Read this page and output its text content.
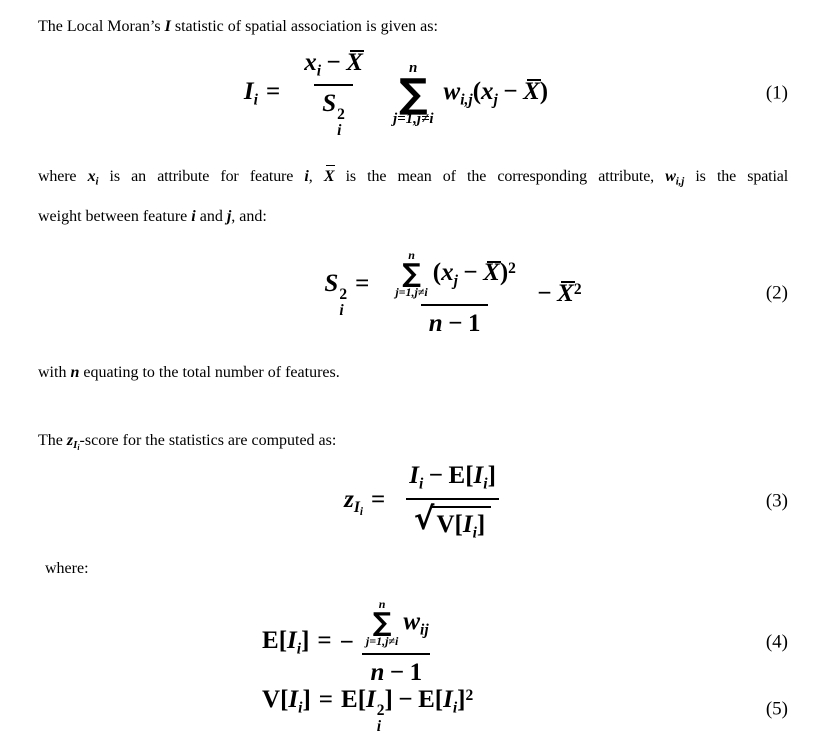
The Local Moran’s I statistic of spatial association is given as:
$I_i = x_i - X$
S 2
i	n
∑
j=1,j≠i
$w_{i,j}(x_j - X)$	(1)
where $x_i$ is an attribute for feature i, X is the mean of the corresponding attribute, $w_{i,j}$ is the spatial
weight between feature i and j, and:
S 2
i
=	n
∑
j=1,j≠i
$(x_j - X)^2$
$n - 1 - X^2$	(2)
with n equating to the total number of features.
The $z_{I_i}$-score for the statistics are computed as:
$z_{Ii} = \frac{I_i - E[I_i]}{√ V[I_i]}$	(3)
where:
$E[I_i]$ = − n
∑
j=1,j≠i
$w_{ij}$
n − 1	(4)
$V[I_i] = E[I$ 2
i
] − $E[I_i]^2$
(5)
